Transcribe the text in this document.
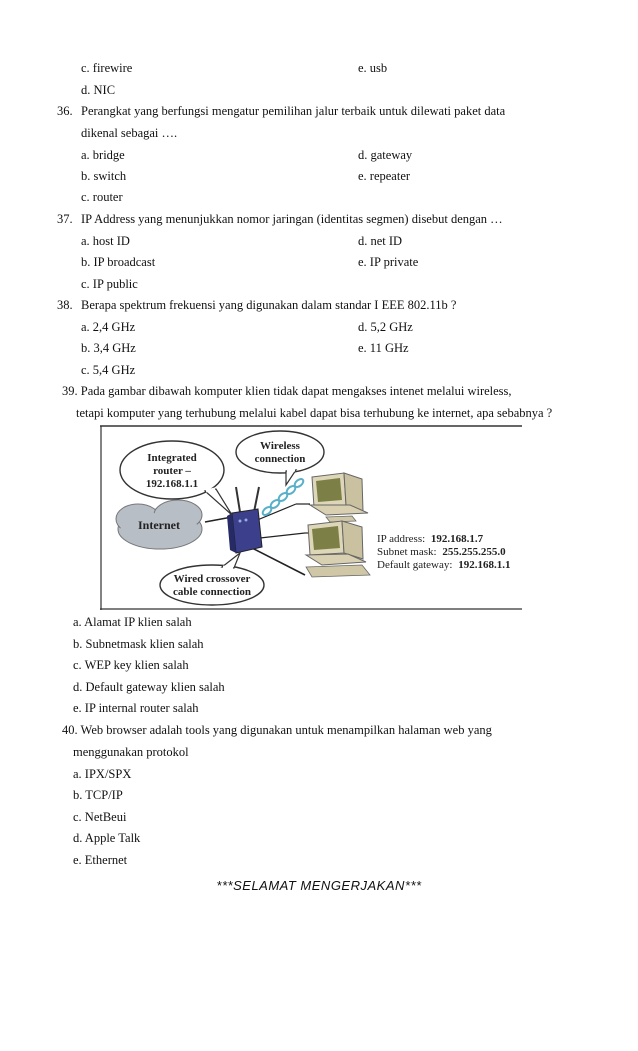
c. firewire	e. usb
d. NIC
36. Perangkat yang berfungsi mengatur pemilihan jalur terbaik untuk dilewati paket data
dikenal sebagai ….
a. bridge	d. gateway
b. switch	e. repeater
c. router
37. IP Address yang menunjukkan nomor jaringan (identitas segmen) disebut dengan …
a. host ID	d. net ID
b. IP broadcast	e. IP private
c. IP public
38. Berapa spektrum frekuensi yang digunakan dalam standar I EEE 802.11b ?
a. 2,4 GHz	d. 5,2 GHz
b. 3,4 GHz	e. 11 GHz
c. 5,4 GHz
39. Pada gambar dibawah komputer klien tidak dapat mengakses intenet melalui wireless,
tetapi komputer yang terhubung melalui kabel dapat bisa terhubung ke internet, apa sebabnya ?
Internet
Integrated
router –
192.168.1.1
Wireless
connection
Wired crossover
cable connection
IP address: 192.168.1.7
Subnet mask: 255.255.255.0
Default gateway: 192.168.1.1
a. Alamat IP klien salah
b. Subnetmask klien salah
c. WEP key klien salah
d. Default gateway klien salah
e. IP internal router salah
40. Web browser adalah tools yang digunakan untuk menampilkan halaman web yang
menggunakan protokol
a. IPX/SPX
b. TCP/IP
c. NetBeui
d. Apple Talk
e. Ethernet
***SELAMAT MENGERJAKAN***
